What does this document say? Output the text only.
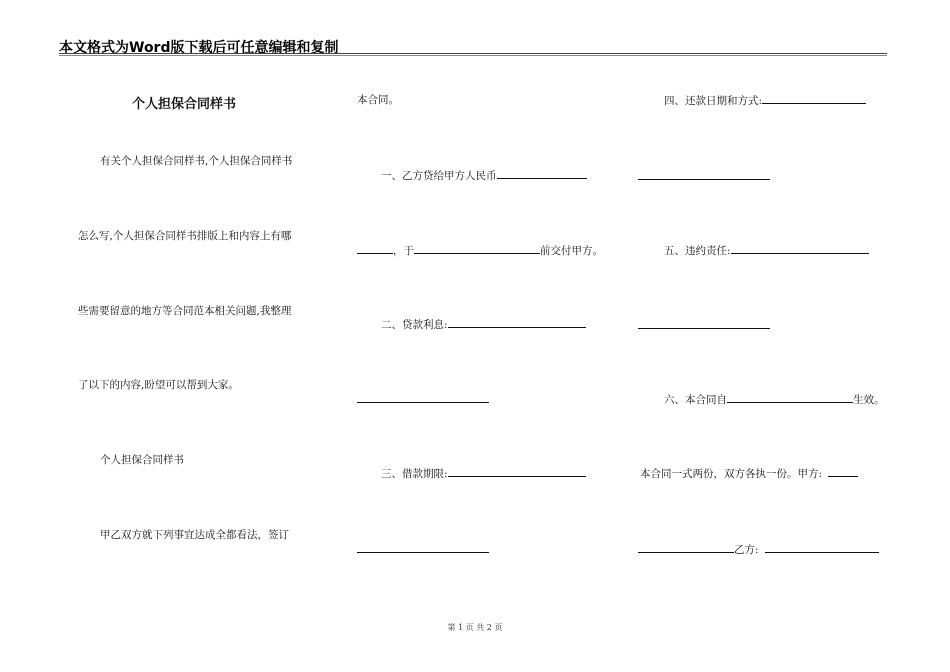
本文格式为Word版下载后可任意编辑和复制
个人担保合同样书
有关个人担保合同样书,个人担保合同样书
怎么写,个人担保合同样书排版上和内容上有哪
些需要留意的地方等合同范本相关问题,我整理
了以下的内容,盼望可以帮到大家。
个人担保合同样书
甲乙双方就下列事宜达成全都看法，签订
本合同。
一、乙方贷给甲方人民币
，于	前交付甲方。
二、贷款利息:
三、借款期限:
四、还款日期和方式:
五、违约责任:
六、本合同自	生效。
本合同一式两份，双方各执一份。甲方:
乙方:
第 1 页 共 2 页
